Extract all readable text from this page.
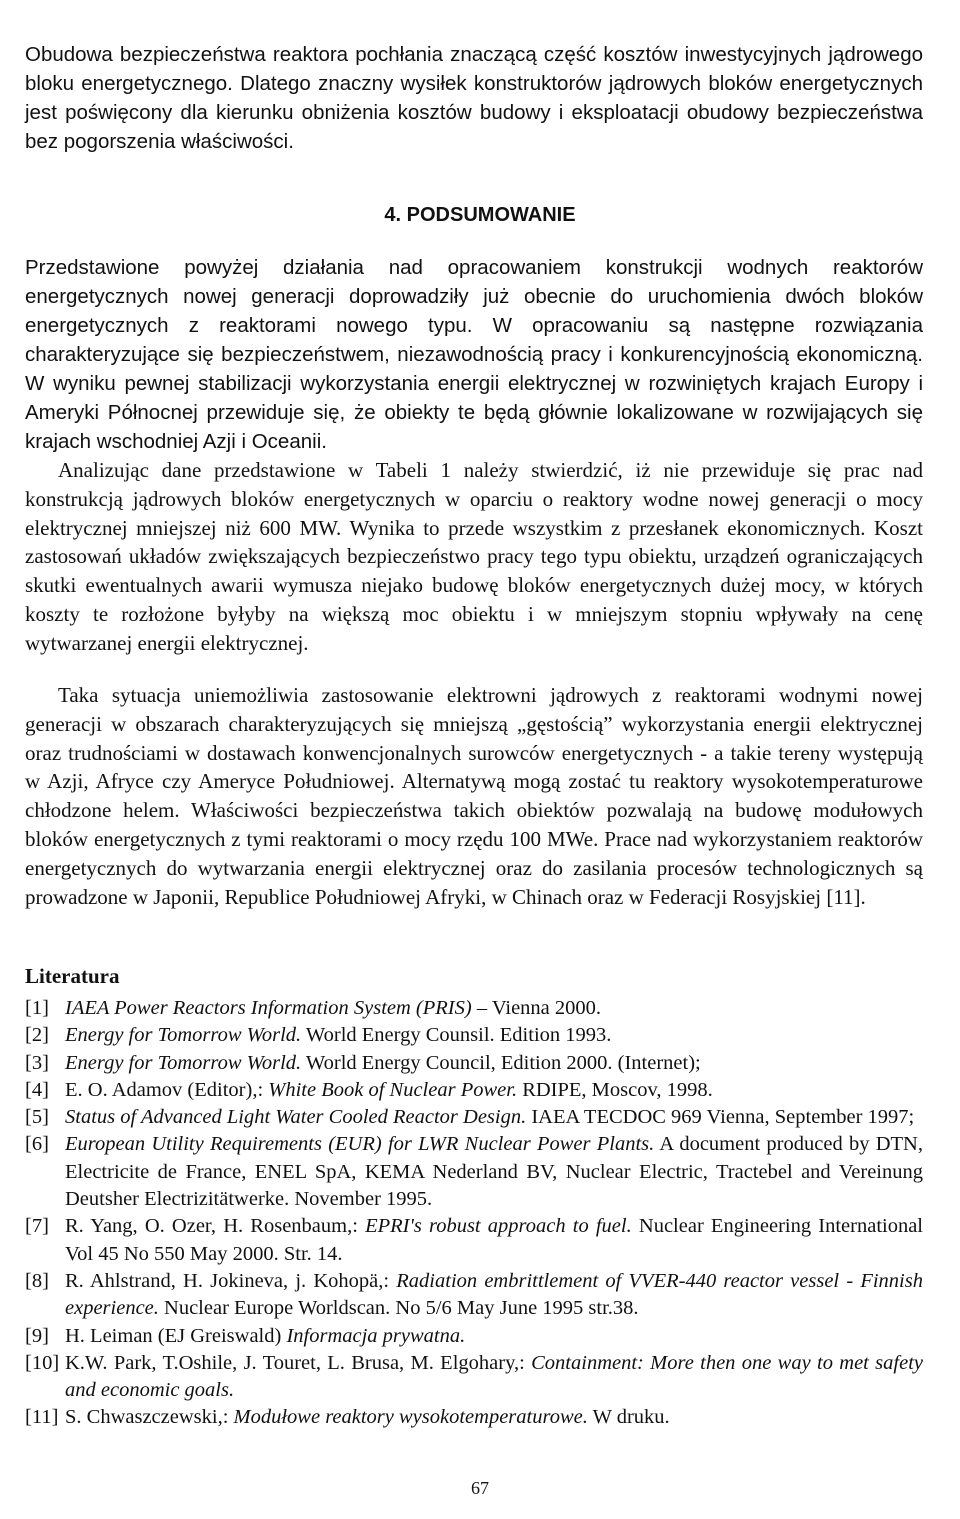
Obudowa bezpieczeństwa reaktora pochłania znaczącą część kosztów inwestycyjnych jądrowego bloku energetycznego. Dlatego znaczny wysiłek konstruktorów jądrowych bloków energetycznych jest poświęcony dla kierunku obniżenia kosztów budowy i eksploatacji obudowy bezpieczeństwa bez pogorszenia właściwości.

4. PODSUMOWANIE

Przedstawione powyżej działania nad opracowaniem konstrukcji wodnych reaktorów energetycznych nowej generacji doprowadziły już obecnie do uruchomienia dwóch bloków energetycznych z reaktorami nowego typu. W opracowaniu są następne rozwiązania charakteryzujące się bezpieczeństwem, niezawodnością pracy i konkurencyjnością ekonomiczną. W wyniku pewnej stabilizacji wykorzystania energii elektrycznej w rozwiniętych krajach Europy i Ameryki Północnej przewiduje się, że obiekty te będą głównie lokalizowane w rozwijających się krajach wschodniej Azji i Oceanii.

Analizując dane przedstawione w Tabeli 1 należy stwierdzić, iż nie przewiduje się prac nad konstrukcją jądrowych bloków energetycznych w oparciu o reaktory wodne nowej generacji o mocy elektrycznej mniejszej niż 600 MW. Wynika to przede wszystkim z przesłanek ekonomicznych. Koszt zastosowań układów zwiększających bezpieczeństwo pracy tego typu obiektu, urządzeń ograniczających skutki ewentualnych awarii wymusza niejako budowę bloków energetycznych dużej mocy, w których koszty te rozłożone byłyby na większą moc obiektu i w mniejszym stopniu wpływały na cenę wytwarzanej energii elektrycznej.

Taka sytuacja uniemożliwia zastosowanie elektrowni jądrowych z reaktorami wodnymi nowej generacji w obszarach charakteryzujących się mniejszą „gęstością” wykorzystania energii elektrycznej oraz trudnościami w dostawach konwencjonalnych surowców energetycznych - a takie tereny występują w Azji, Afryce czy Ameryce Południowej. Alternatywą mogą zostać tu reaktory wysokotemperaturowe chłodzone helem. Właściwości bezpieczeństwa takich obiektów pozwalają na budowę modułowych bloków energetycznych z tymi reaktorami o mocy rzędu 100 MWe. Prace nad wykorzystaniem reaktorów energetycznych do wytwarzania energii elektrycznej oraz do zasilania procesów technologicznych są prowadzone w Japonii, Republice Południowej Afryki, w Chinach oraz w Federacji Rosyjskiej [11].

Literatura
[1] IAEA Power Reactors Information System (PRIS) – Vienna 2000.
[2] Energy for Tomorrow World. World Energy Counsil. Edition 1993.
[3] Energy for Tomorrow World. World Energy Council, Edition 2000. (Internet);
[4] E. O. Adamov (Editor),: White Book of Nuclear Power. RDIPE, Moscov, 1998.
[5] Status of Advanced Light Water Cooled Reactor Design. IAEA TECDOC 969 Vienna, September 1997;
[6] European Utility Requirements (EUR) for LWR Nuclear Power Plants. A document produced by DTN, Electricite de France, ENEL SpA, KEMA Nederland BV, Nuclear Electric, Tractebel and Vereinung Deutsher Electrizitätwerke. November 1995.
[7] R. Yang, O. Ozer, H. Rosenbaum,: EPRI's robust approach to fuel. Nuclear Engineering International Vol 45 No 550 May 2000. Str. 14.
[8] R. Ahlstrand, H. Jokineva, j. Kohopä,: Radiation embrittlement of VVER-440 reactor vessel - Finnish experience. Nuclear Europe Worldscan. No 5/6 May June 1995 str.38.
[9] H. Leiman (EJ Greiswald) Informacja prywatna.
[10] K.W. Park, T.Oshile, J. Touret, L. Brusa, M. Elgohary,: Containment: More then one way to met safety and economic goals.
[11] S. Chwaszczewski,: Modułowe reaktory wysokotemperaturowe. W druku.

67
